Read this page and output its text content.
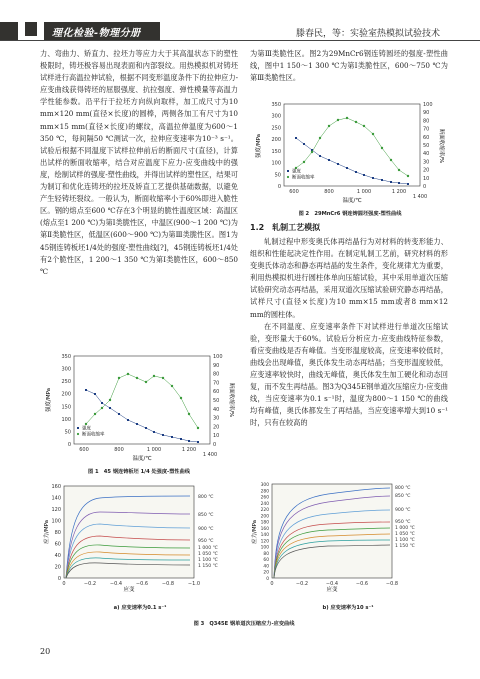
理化检验-物理分册	滕春民，等：实验室热模拟试验技术

力、弯曲力、矫直力、拉坯力等应力大于其高温状态下的塑性极限时，铸坯极容易出现表面和内部裂纹。用热模拟机对铸坯试样进行高温拉伸试验，根据不同变形温度条件下的拉伸应力-应变曲线获得铸坯的屈服强度、抗拉强度、弹性模量等高温力学性能参数。沿平行于拉坯方向纵向取样，加工成尺寸为10 mm×120 mm(直径×长度)的圆棒，两侧各加工有尺寸为10 mm×15 mm(直径×长度)的螺纹，高温拉伸温度为600～1 350 ℃，每间隔50 ℃测试一次，拉伸应变速率为10⁻³ s⁻¹。试验后根据不同温度下试样拉伸前后的断面尺寸(直径)，计算出试样的断面收缩率，结合对应温度下应力-应变曲线中的强度，绘制试样的强度-塑性曲线，并得出试样的塑性区，结果可为制订和优化连铸坯的拉坯及矫直工艺提供基础数据，以避免产生轻铸坯裂纹。一般认为，断面收缩率小于60%即进入脆性区。钢的熔点至600 ℃存在3个明显的脆性温度区域：高温区(熔点至1 200 ℃)为第Ⅰ类脆性区，中温区(900～1 200 ℃)为第Ⅱ类脆性区，低温区(600～900 ℃)为第Ⅲ类脆性区。图1为45钢连铸板坯1/4处的强度-塑性曲线[?]，45钢连铸板坯1/4处有2个脆性区，1 200～1 350 ℃为第Ⅰ类脆性区，600～850 ℃

0
50
100
150
200
250
300
350
0
10
20
30
40
50
60
70
80
90
100
600	800	1 000	1 200
1 400
温度/℃
强度/MPa	断面收缩率/%
强度
断面收缩率
图 1　45 钢连铸板坯 1/4 处强度-塑性曲线

为第Ⅲ类脆性区。图2为29MnCr6钢连铸圆坯的强度-塑性曲线，图中1 150～1 300 ℃为第Ⅰ类脆性区，600～750 ℃为第Ⅲ类脆性区。

0
50
100
150
200
250
300
350
0
10
20
30
40
50
60
70
80
90
100
600	800	1 000	1 200
1 400
温度/℃
强度/MPa	断面收缩率/%
强度
断面收缩率
图 2　29MnCr6 钢连铸圆坯强度-塑性曲线

1.2　轧制工艺模拟

轧制过程中形变奥氏体再结晶行为对材料的转变形能力、组织和性能起决定性作用。在制定轧制工艺前，研究材料的形变奥氏体动态和静态再结晶的发生条件，变化规律尤为重要，利用热模拟机进行圆柱体单向压缩试验，其中采用单道次压缩试验研究动态再结晶，采用双道次压缩试验研究静态再结晶，试样尺寸(直径×长度)为10 mm×15 mm或者8 mm×12 mm的圆柱体。

在不同温度、应变速率条件下对试样进行单道次压缩试验，变形量大于60%。试验后分析应力-应变曲线特征参数，看应变曲线是否有峰值。当变形温度较高，应变速率较低时，曲线会出现峰值，奥氏体发生动态再结晶；当变形温度较低，应变速率较快时，曲线无峰值，奥氏体发生加工硬化和动态回复，而不发生再结晶。图3为Q345E钢单道次压缩应力-应变曲线，当应变速率为0.1 s⁻¹时，温度为800～1 150 ℃的曲线均有峰值，奥氏体都发生了再结晶，当应变速率增大到10 s⁻¹时，只有在较高的

0
20
40
60
80
100
120
140
160
0	−0.2	−0.4	−0.6	−0.8	−1.0
应变
应力/MPa
800 ℃
850 ℃
900 ℃
950 ℃
1 000 ℃
1 050 ℃
1 100 ℃
1 150 ℃
a) 应变速率为0.1 s⁻¹
0
20
40
60
80
100
120
140
160
180
200
220
240
260
280
300
0	−0.2	−0.4	−0.6	−0.8
应变
应力/MPa
800 ℃
850 ℃
900 ℃
950 ℃
1 000 ℃
1 050 ℃
1 100 ℃
1 150 ℃
b) 应变速率为10 s⁻¹
图 3　Q345E 钢单道次压缩应力-应变曲线
20
